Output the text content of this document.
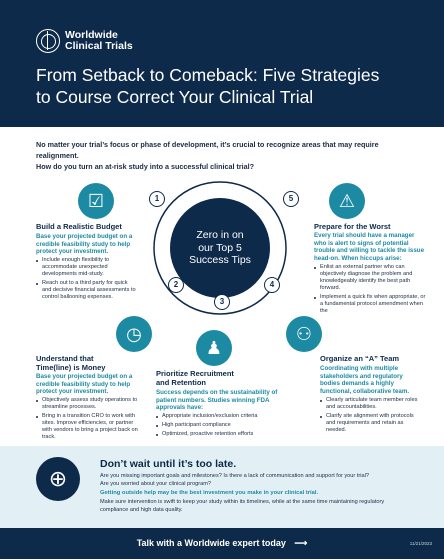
Worldwide
Clinical Trials
From Setback to Comeback: Five Strategies
to Course Correct Your Clinical Trial
No matter your trial’s focus or phase of development, it’s crucial to recognize areas that may require realignment.
How do you turn an at-risk study into a successful clinical trial?
Zero in on
our Top 5
Success Tips
☑
◷
♟
⚇
⚠
1
2
3
4
5
Build a Realistic Budget
Base your projected budget on a credible feasibility study to help protect your investment.
Include enough flexibility to accommodate unexpected developments mid-study.
Reach out to a third party for quick and decisive financial assessments to control ballooning expenses.
Understand that
Time(line) is Money
Base your projected budget on a credible feasibility study to help protect your investment.
Objectively assess study operations to streamline processes.
Bring in a transition CRO to work with sites. Improve efficiencies, or partner with vendors to bring a project back on track.
Prioritize Recruitment
and Retention
Success depends on the sustainability of patient numbers. Studies winning FDA approvals have:
Appropriate inclusion/exclusion criteria
High participant compliance
Optimized, proactive retention efforts
Organize an “A” Team
Coordinating with multiple stakeholders and regulatory bodies demands a highly functional, collaborative team.
Clearly articulate team member roles and accountabilities.
Clarify site alignment with protocols and requirements and retain as needed.
Prepare for the Worst
Every trial should have a manager who is alert to signs of potential trouble and willing to tackle the issue head-on. When hiccups arise:
Enlist an external partner who can objectively diagnose the problem and knowledgeably identify the best path forward.
Implement a quick fix when appropriate, or a fundamental protocol amendment when the
⊕
Don’t wait until it’s too late.
Are you missing important goals and milestones? Is there a lack of communication and support for your trial?
Are you worried about your clinical program?
Getting outside help may be the best investment you make in your clinical trial.
Make sure intervention is swift to keep your study within its timelines, while at the same time maintaining regulatory
compliance and high data quality.
Talk with a Worldwide expert today ⟶	11/21/2023
